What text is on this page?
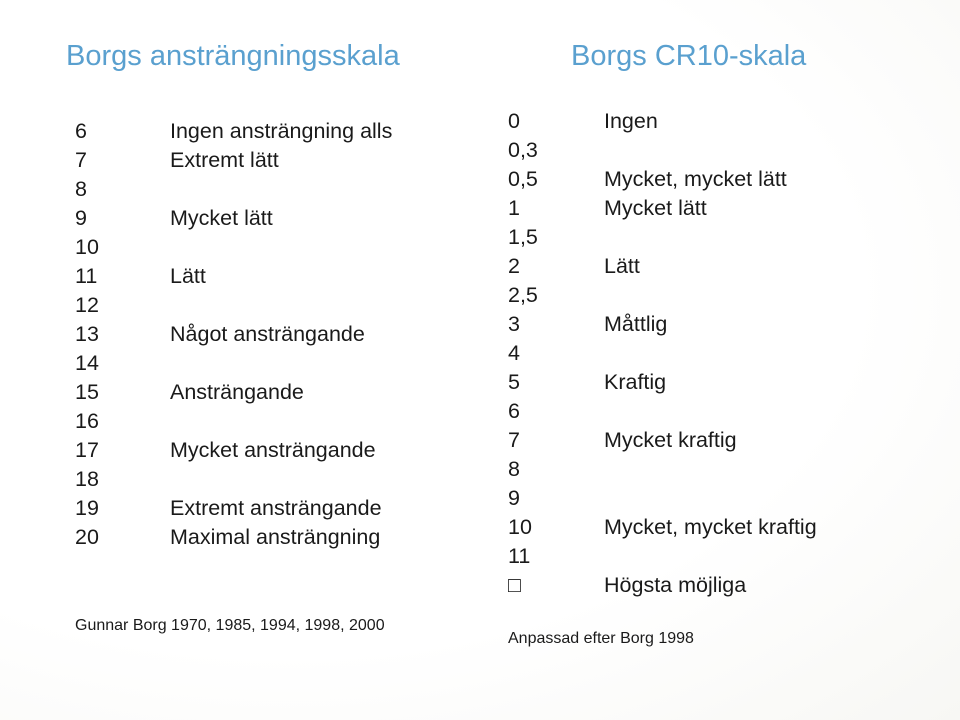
Borgs ansträngningsskala	Borgs CR10-skala
6	Ingen ansträngning alls
7	Extremt lätt
8
9	Mycket lätt
10
11	Lätt
12
13	Något ansträngande
14
15	Ansträngande
16
17	Mycket ansträngande
18
19	Extremt ansträngande
20	Maximal ansträngning
0	Ingen
0,3
0,5	Mycket, mycket lätt
1	Mycket lätt
1,5
2	Lätt
2,5
3	Måttlig
4
5	Kraftig
6
7	Mycket kraftig
8
9
10	Mycket, mycket kraftig
11
□	Högsta möjliga

Gunnar Borg 1970, 1985, 1994, 1998, 2000

Anpassad efter Borg 1998
